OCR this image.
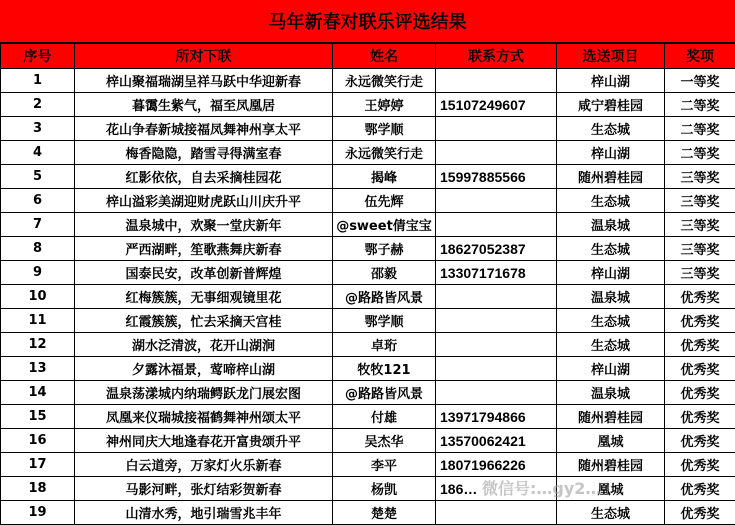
马年新春对联乐评选结果
序号	所对下联	姓名	联系方式	选送项目	奖项
1	梓山聚福瑞湖呈祥马跃中华迎新春	永远微笑行走		梓山湖	一等奖
2	暮霭生紫气，福至凤凰居	王婷婷	15107249607	咸宁碧桂园	二等奖
3	花山争春新城接福凤舞神州享太平	鄂学顺		生态城	二等奖
4	梅香隐隐，踏雪寻得满室春	永远微笑行走		梓山湖	二等奖
5	红影依依，自去采摘桂园花	揭峰	15997885566	随州碧桂园	三等奖
6	梓山溢彩美湖迎财虎跃山川庆升平	伍先辉		生态城	三等奖
7	温泉城中，欢聚一堂庆新年	@sweet倩宝宝		温泉城	三等奖
8	严西湖畔，笙歌燕舞庆新春	鄂子赫	18627052387	生态城	三等奖
9	国泰民安，改革创新普辉煌	邵毅	13307171678	梓山湖	三等奖
10	红梅簇簇，无事细观镜里花	@路路皆风景		温泉城	优秀奖
11	红霞簇簇，忙去采摘天宫桂	鄂学顺		生态城	优秀奖
12	湖水泛清波，花开山湖涧	卓珩		生态城	优秀奖
13	夕露沐福景，莺啼梓山湖	牧牧121		梓山湖	优秀奖
14	温泉荡漾城内纳瑞鳄跃龙门展宏图	@路路皆风景		温泉城	优秀奖
15	凤凰来仪瑞城接福鹤舞神州颂太平	付雄	13971794866	随州碧桂园	优秀奖
16	神州同庆大地逢春花开富贵颂升平	吴杰华	13570062421	凰城	优秀奖
17	白云道旁，万家灯火乐新春	李平	18071966226	随州碧桂园	优秀奖
18	马影河畔，张灯结彩贺新春	杨凯	186…	凰城	优秀奖
19	山清水秀，地引瑞雪兆丰年	楚楚		生态城	优秀奖
微信号:…gy2…
